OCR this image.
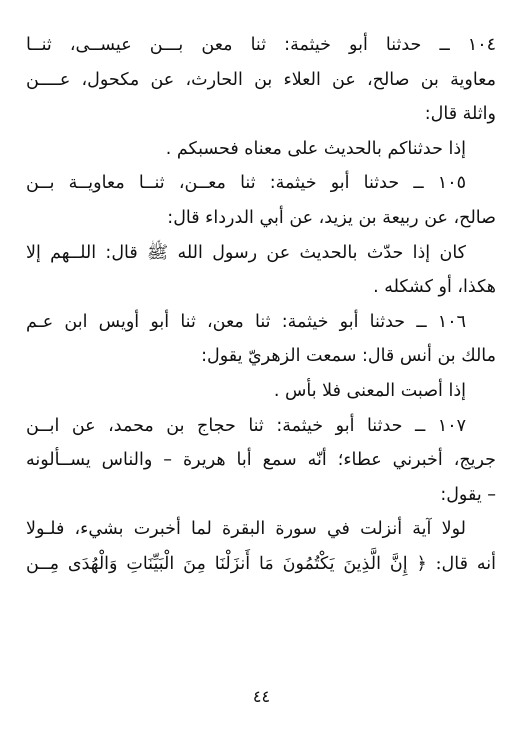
١٠٤ ــ حدثنا أبو خيثمة: ثنا معن بـــن عيســى، ثنــا
معاوية بن صالح، عن العلاء بن الحارث، عن مكحول، عــــن
واثلة قال:
إذا حدثناكم بالحديث على معناه فحسبكم .
١٠٥ ــ حدثنا أبو خيثمة: ثنا معــن، ثنــا معاويــة بــن
صالح، عن ربيعة بن يزيد، عن أبي الدرداء قال:
كان إذا حدّث بالحديث عن رسول الله ﷺ قال: اللــهم إلا
هكذا، أو كشكله .
١٠٦ ــ حدثنا أبو خيثمة: ثنا معن، ثنا أبو أويس ابن عـم
مالك بن أنس قال: سمعت الزهريّ يقول:
إذا أصبت المعنى فلا بأس .
١٠٧ ــ حدثنا أبو خيثمة: ثنا حجاج بن محمد، عن ابــن
جريج، أخبرني عطاء؛ أنّه سمع أبا هريرة – والناس يســألونه
– يقول:
لولا آية أنزلت في سورة البقرة لما أخبرت بشيء، فلـولا
أنه قال: ﴿ إِنَّ الَّذِينَ يَكْتُمُونَ مَا أَنزَلْنَا مِنَ الْبَيِّنَاتِ وَالْهُدَى مِــن
٤٤
